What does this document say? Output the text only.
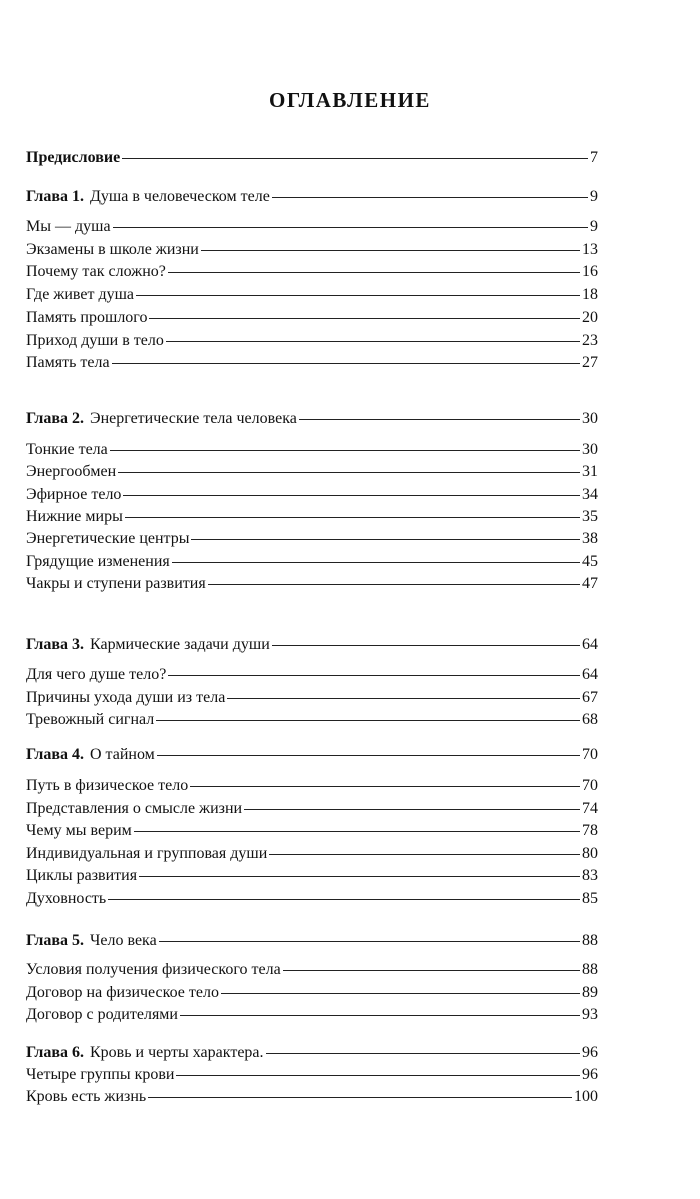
ОГЛАВЛЕНИЕ
Предисловие	7
Глава 1. Душа в человеческом теле	9
Мы — душа	9
Экзамены в школе жизни	13
Почему так сложно?	16
Где живет душа	18
Память прошлого	20
Приход души в тело	23
Память тела	27
Глава 2. Энергетические тела человека	30
Тонкие тела	30
Энергообмен	31
Эфирное тело	34
Нижние миры	35
Энергетические центры	38
Грядущие изменения	45
Чакры и ступени развития	47
Глава 3. Кармические задачи души	64
Для чего душе тело?	64
Причины ухода души из тела	67
Тревожный сигнал	68
Глава 4. О тайном	70
Путь в физическое тело	70
Представления о смысле жизни	74
Чему мы верим	78
Индивидуальная и групповая души	80
Циклы развития	83
Духовность	85
Глава 5. Чело века	88
Условия получения физического тела	88
Договор на физическое тело	89
Договор с родителями	93
Глава 6. Кровь и черты характера.	96
Четыре группы крови	96
Кровь есть жизнь	100
